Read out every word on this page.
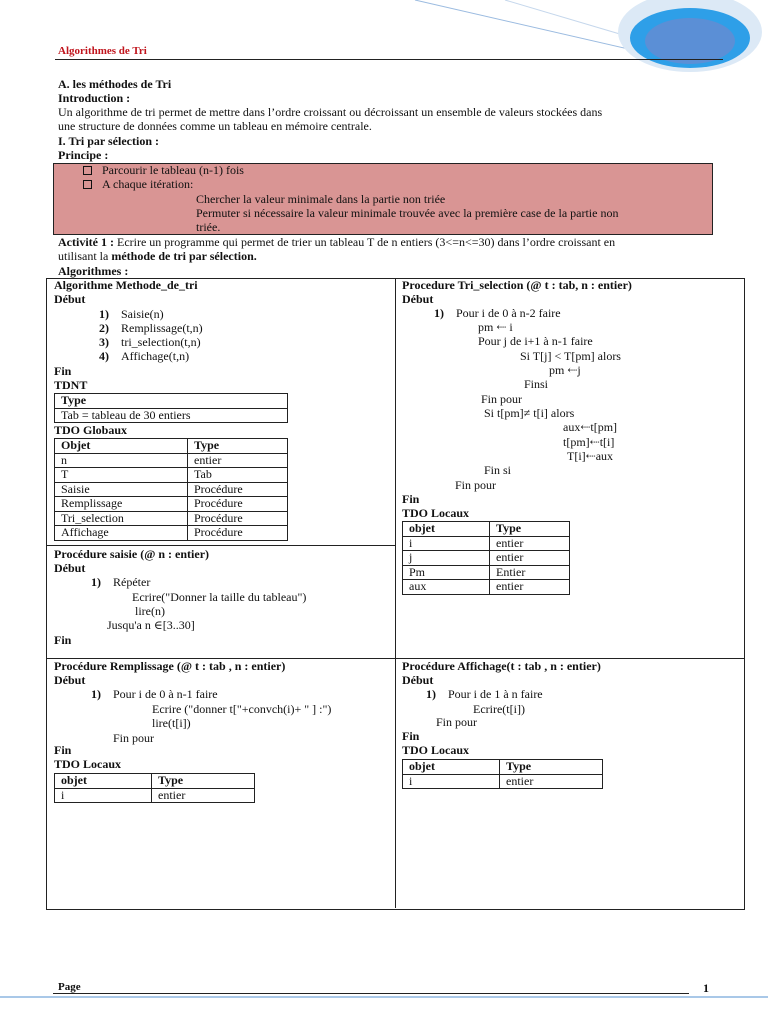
Algorithmes de Tri
A. les méthodes de Tri
Introduction :
Un algorithme de tri permet de mettre dans l’ordre croissant ou décroissant un ensemble de valeurs stockées dans
une structure de données comme un tableau en mémoire centrale.
I. Tri par sélection :
Principe :
Parcourir le tableau (n-1) fois
A chaque itération:
Chercher la valeur minimale dans la partie non triée
Permuter si nécessaire la valeur minimale trouvée avec la première case de la partie non
triée.
Activité 1 : Ecrire un programme qui permet de trier un tableau T de n entiers (3<=n<=30) dans l’ordre croissant en
utilisant la méthode de tri par sélection.
Algorithmes :
Algorithme Methode_de_tri
Début
1) Saisie(n)
2) Remplissage(t,n)
3) tri_selection(t,n)
4) Affichage(t,n)
Fin
TDNT
Type
Tab = tableau de 30 entiers
TDO Globaux
Objet	Type
n	entier
T	Tab
Saisie	Procédure
Remplissage	Procédure
Tri_selection	Procédure
Affichage	Procédure
Procedure Tri_selection (@ t : tab, n : entier)
Début
1) Pour i de 0 à n-2 faire
pm ⇠ i
Pour j de i+1 à n-1 faire
Si T[j] < T[pm] alors
pm ⇠j
Finsi
Fin pour
Si t[pm]≠ t[i] alors
aux⇠t[pm]
t[pm]⇠t[i]
T[i]⇠aux
Fin si
Fin pour
Fin
TDO Locaux
objet	Type
i	entier
j	entier
Pm	Entier
aux	entier
Procédure saisie (@ n : entier)
Début
1) Répéter
Ecrire("Donner la taille du tableau")
lire(n)
Jusqu'a n ∈[3..30]
Fin
Procédure Remplissage (@ t : tab , n : entier)
Début
1) Pour i de 0 à n-1 faire
Ecrire ("donner t["+convch(i)+ " ] :")
lire(t[i])
Fin pour
Fin
TDO Locaux
objet	Type
i	entier
Procédure Affichage(t : tab , n : entier)
Début
1) Pour i de 1 à n faire
Ecrire(t[i])
Fin pour
Fin
TDO Locaux
objet	Type
i	entier
Page	1
